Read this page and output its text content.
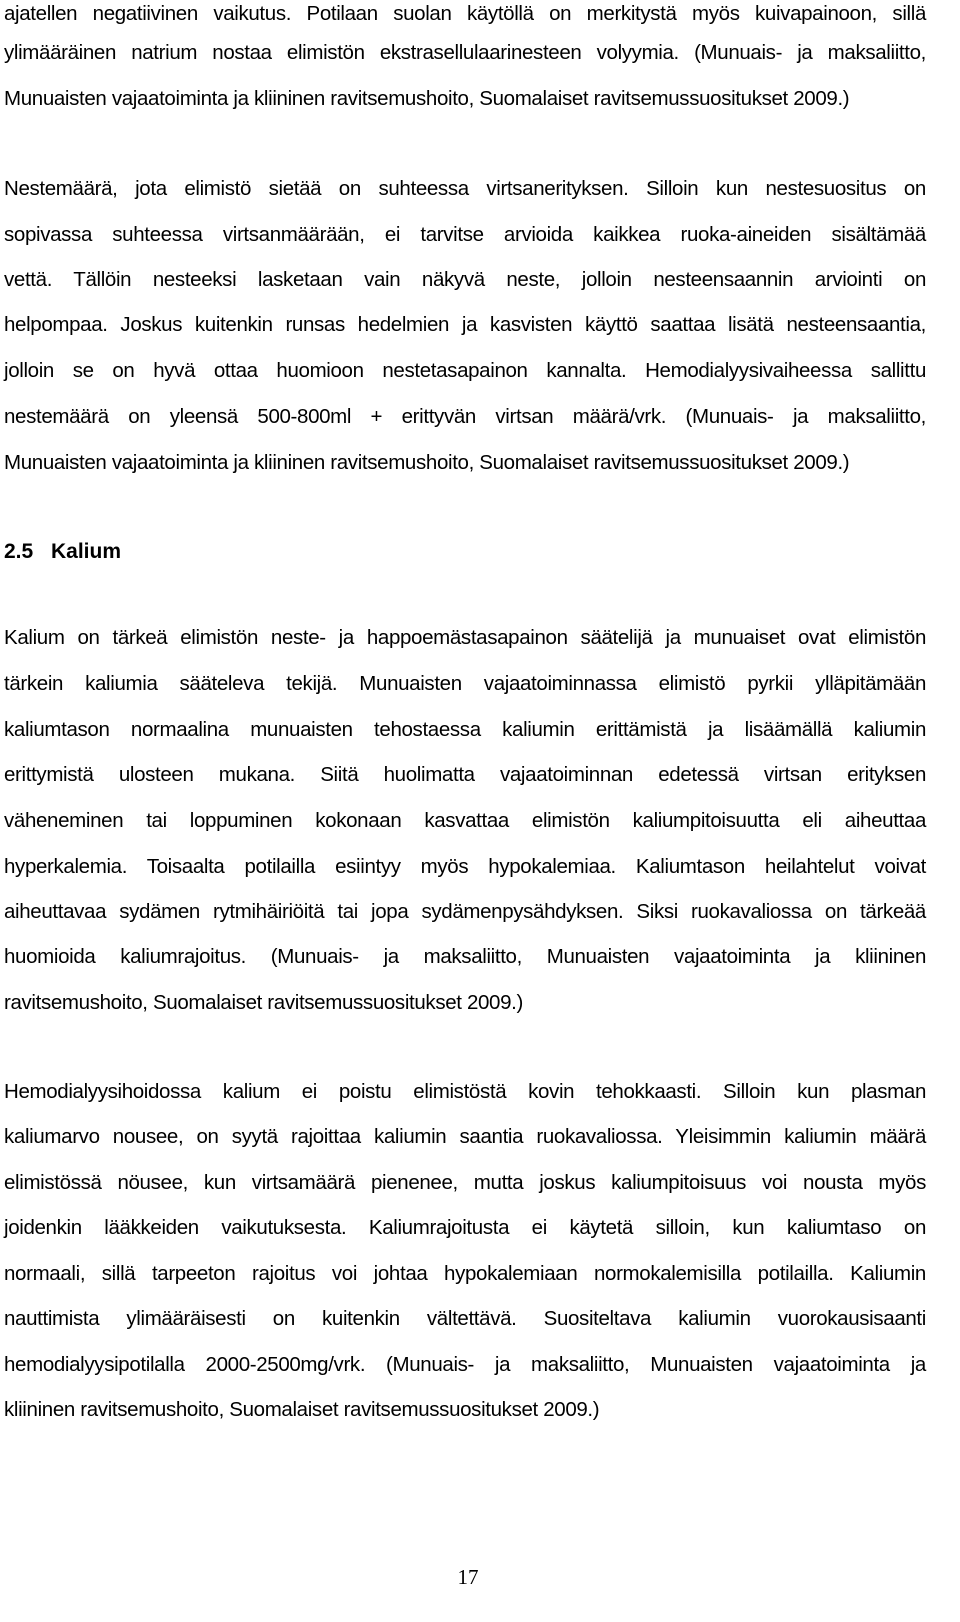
ajatellen negatiivinen vaikutus. Potilaan suolan käytöllä on merkitystä myös kuivapainoon, sillä
ylimääräinen natrium nostaa elimistön ekstrasellulaarinesteen volyymia. (Munuais- ja maksaliitto,
Munuaisten vajaatoiminta ja kliininen ravitsemushoito, Suomalaiset ravitsemussuositukset 2009.)
Nestemäärä, jota elimistö sietää on suhteessa virtsanerityksen. Silloin kun nestesuositus on
sopivassa suhteessa virtsanmäärään, ei tarvitse arvioida kaikkea ruoka-aineiden sisältämää
vettä. Tällöin nesteeksi lasketaan vain näkyvä neste, jolloin nesteensaannin arviointi on
helpompaa. Joskus kuitenkin runsas hedelmien ja kasvisten käyttö saattaa lisätä nesteensaantia,
jolloin se on hyvä ottaa huomioon nestetasapainon kannalta. Hemodialyysivaiheessa sallittu
nestemäärä on yleensä 500-800ml + erittyvän virtsan määrä/vrk. (Munuais- ja maksaliitto,
Munuaisten vajaatoiminta ja kliininen ravitsemushoito, Suomalaiset ravitsemussuositukset 2009.)
2.5 Kalium
Kalium on tärkeä elimistön neste- ja happoemästasapainon säätelijä ja munuaiset ovat elimistön
tärkein kaliumia sääteleva tekijä. Munuaisten vajaatoiminnassa elimistö pyrkii ylläpitämään
kaliumtason normaalina munuaisten tehostaessa kaliumin erittämistä ja lisäämällä kaliumin
erittymistä ulosteen mukana. Siitä huolimatta vajaatoiminnan edetessä virtsan erityksen
väheneminen tai loppuminen kokonaan kasvattaa elimistön kaliumpitoisuutta eli aiheuttaa
hyperkalemia. Toisaalta potilailla esiintyy myös hypokalemiaa. Kaliumtason heilahtelut voivat
aiheuttavaa sydämen rytmihäiriöitä tai jopa sydämenpysähdyksen. Siksi ruokavaliossa on tärkeää
huomioida kaliumrajoitus. (Munuais- ja maksaliitto, Munuaisten vajaatoiminta ja kliininen
ravitsemushoito, Suomalaiset ravitsemussuositukset 2009.)
Hemodialyysihoidossa kalium ei poistu elimistöstä kovin tehokkaasti. Silloin kun plasman
kaliumarvo nousee, on syytä rajoittaa kaliumin saantia ruokavaliossa. Yleisimmin kaliumin määrä
elimistössä nöusee, kun virtsamäärä pienenee, mutta joskus kaliumpitoisuus voi nousta myös
joidenkin lääkkeiden vaikutuksesta. Kaliumrajoitusta ei käytetä silloin, kun kaliumtaso on
normaali, sillä tarpeeton rajoitus voi johtaa hypokalemiaan normokalemisilla potilailla. Kaliumin
nauttimista ylimääräisesti on kuitenkin vältettävä. Suositeltava kaliumin vuorokausisaanti
hemodialyysipotilalla 2000-2500mg/vrk. (Munuais- ja maksaliitto, Munuaisten vajaatoiminta ja
kliininen ravitsemushoito, Suomalaiset ravitsemussuositukset 2009.)
17
